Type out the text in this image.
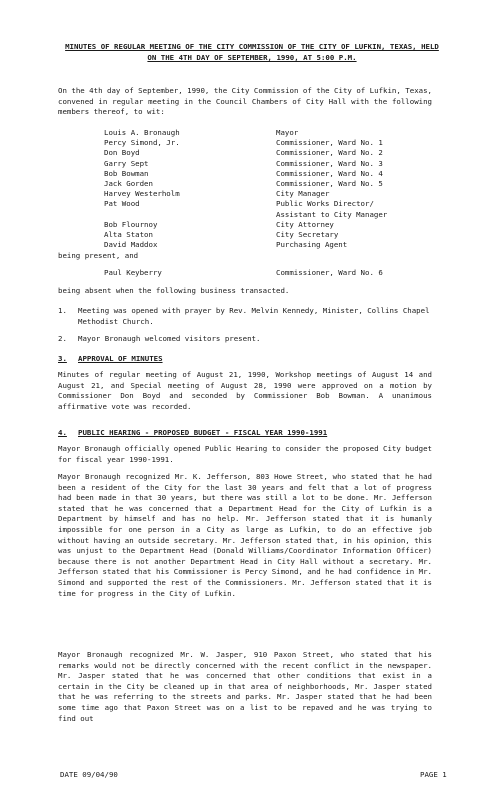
MINUTES OF REGULAR MEETING OF THE CITY COMMISSION OF THE CITY OF LUFKIN, TEXAS, HELD ON THE 4TH DAY OF SEPTEMBER, 1990, AT 5:00 P.M.
On the 4th day of September, 1990, the City Commission of the City of Lufkin, Texas, convened in regular meeting in the Council Chambers of City Hall with the following members thereof, to wit:
Louis A. Bronaugh	Mayor
Percy Simond, Jr.	Commissioner, Ward No. 1
Don Boyd	Commissioner, Ward No. 2
Garry Sept	Commissioner, Ward No. 3
Bob Bowman	Commissioner, Ward No. 4
Jack Gorden	Commissioner, Ward No. 5
Harvey Westerholm	City Manager
Pat Wood	Public Works Director/
Assistant to City Manager
Bob Flournoy	City Attorney
Alta Staton	City Secretary
David Maddox	Purchasing Agent
being present, and
Paul Keyberry	Commissioner, Ward No. 6
being absent when the following business transacted.
1. Meeting was opened with prayer by Rev. Melvin Kennedy, Minister, Collins Chapel Methodist Church.
2. Mayor Bronaugh welcomed visitors present.
3. APPROVAL OF MINUTES
Minutes of regular meeting of August 21, 1990, Workshop meetings of August 14 and August 21, and Special meeting of August 28, 1990 were approved on a motion by Commissioner Don Boyd and seconded by Commissioner Bob Bowman. A unanimous affirmative vote was recorded.
4. PUBLIC HEARING - PROPOSED BUDGET - FISCAL YEAR 1990-1991
Mayor Bronaugh officially opened Public Hearing to consider the proposed City budget for fiscal year 1990-1991.
Mayor Bronaugh recognized Mr. K. Jefferson, 803 Howe Street, who stated that he had been a resident of the City for the last 30 years and felt that a lot of progress had been made in that 30 years, but there was still a lot to be done. Mr. Jefferson stated that he was concerned that a Department Head for the City of Lufkin is a Department by himself and has no help. Mr. Jefferson stated that it is humanly impossible for one person in a City as large as Lufkin, to do an effective job without having an outside secretary. Mr. Jefferson stated that, in his opinion, this was unjust to the Department Head (Donald Williams/Coordinator Information Officer) because there is not another Department Head in City Hall without a secretary. Mr. Jefferson stated that his Commissioner is Percy Simond, and he had confidence in Mr. Simond and supported the rest of the Commissioners. Mr. Jefferson stated that it is time for progress in the City of Lufkin.
Mayor Bronaugh recognized Mr. W. Jasper, 910 Paxon Street, who stated that his remarks would not be directly concerned with the recent conflict in the newspaper. Mr. Jasper stated that he was concerned that other conditions that exist in a certain in the City be cleaned up in that area of neighborhoods, Mr. Jasper stated that he was referring to the streets and parks. Mr. Jasper stated that he had been some time ago that Paxon Street was on a list to be repaved and he was trying to find out
DATE 09/04/90	PAGE 1
